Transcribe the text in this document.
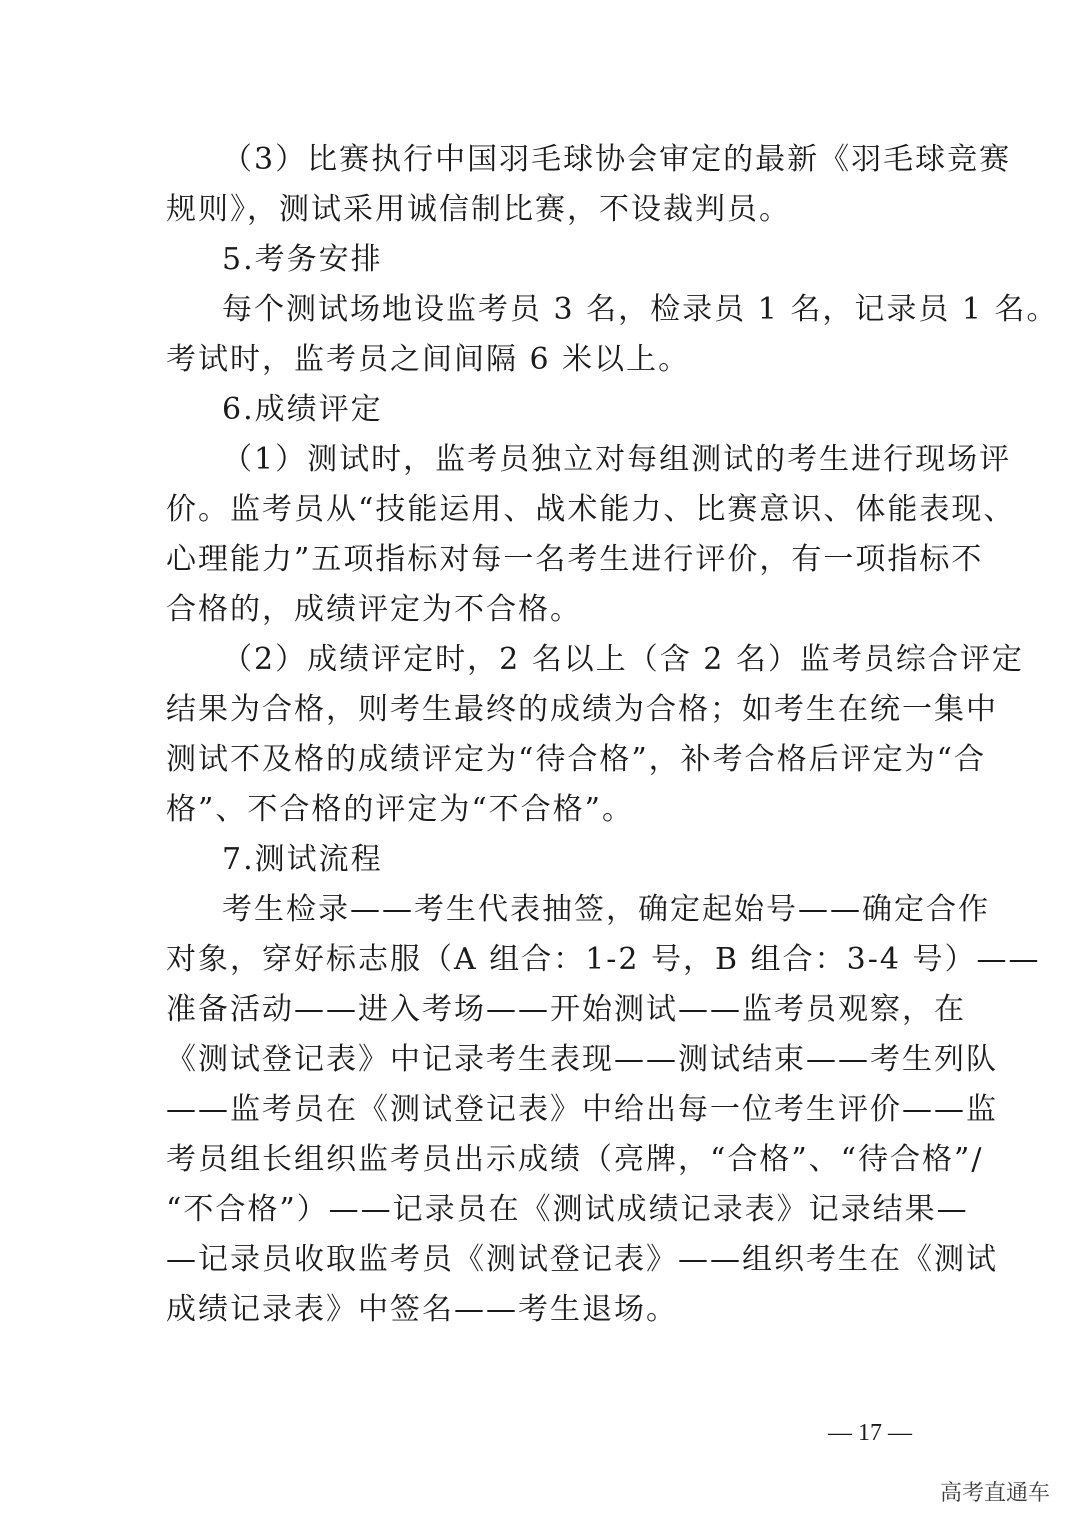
（3）比赛执行中国羽毛球协会审定的最新《羽毛球竞赛
规则》，测试采用诚信制比赛，不设裁判员。
5.考务安排
每个测试场地设监考员 3 名，检录员 1 名，记录员 1 名。
考试时，监考员之间间隔 6 米以上。
6.成绩评定
（1）测试时，监考员独立对每组测试的考生进行现场评
价。监考员从“技能运用、战术能力、比赛意识、体能表现、
心理能力”五项指标对每一名考生进行评价，有一项指标不
合格的，成绩评定为不合格。
（2）成绩评定时，2 名以上（含 2 名）监考员综合评定
结果为合格，则考生最终的成绩为合格；如考生在统一集中
测试不及格的成绩评定为“待合格”，补考合格后评定为“合
格”、不合格的评定为“不合格”。
7.测试流程
考生检录——考生代表抽签，确定起始号——确定合作
对象，穿好标志服（A 组合：1-2 号，B 组合：3-4 号）——
准备活动——进入考场——开始测试——监考员观察，在
《测试登记表》中记录考生表现——测试结束——考生列队
——监考员在《测试登记表》中给出每一位考生评价——监
考员组长组织监考员出示成绩（亮牌，“合格”、“待合格”/
“不合格”）——记录员在《测试成绩记录表》记录结果—
—记录员收取监考员《测试登记表》——组织考生在《测试
成绩记录表》中签名——考生退场。
— 17 —
高考直通车
